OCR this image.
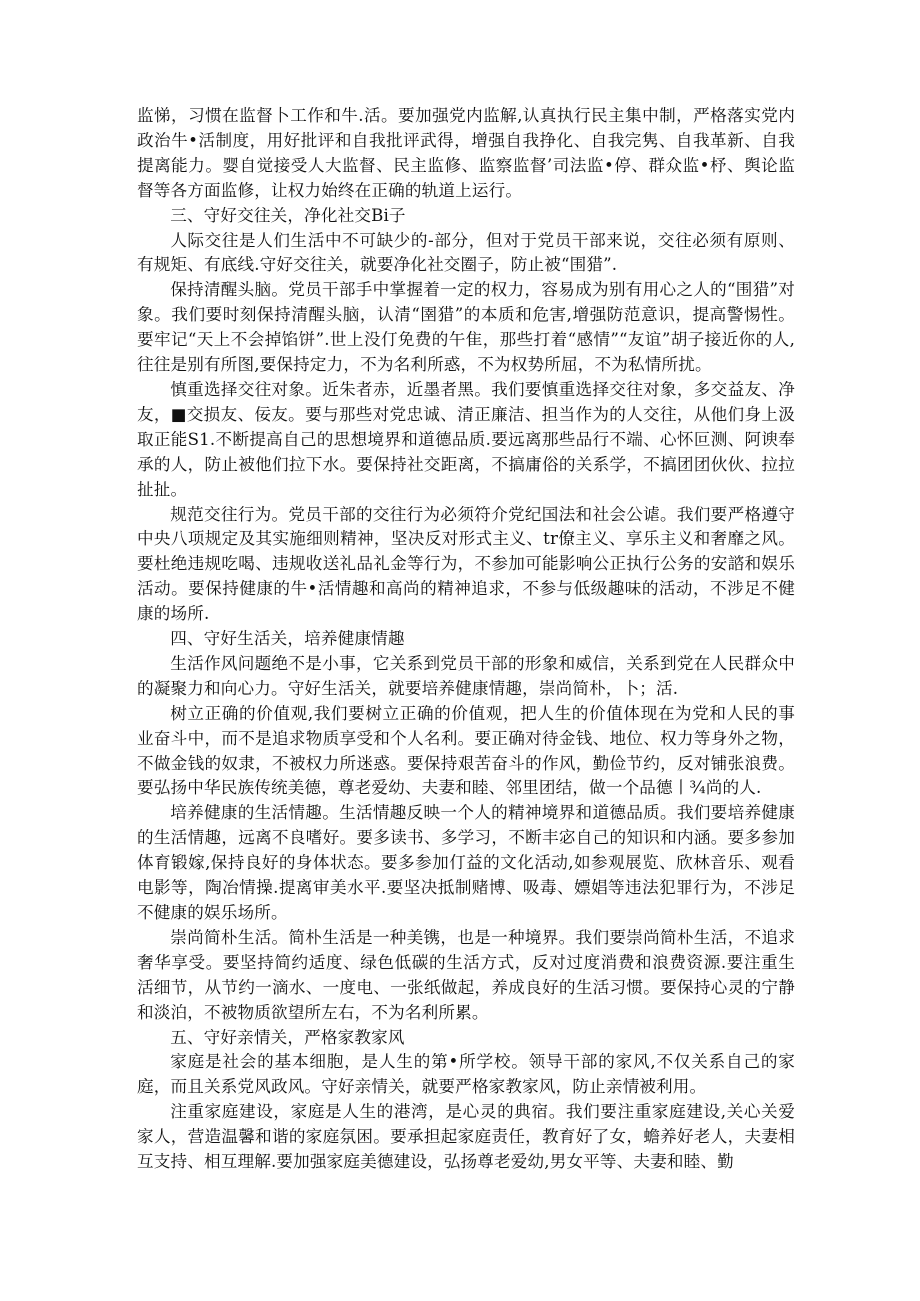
监悌，习惯在监督卜工作和牛.活。要加强党内监解,认真执行民主集中制，严格落实党内政治牛•活制度，用好批评和自我批评武得，增强自我挣化、自我完隽、自我革新、自我提离能力。婴自觉接受人大监督、民主监修、监察监督’司法监•停、群众监•杼、舆论监督等各方面监修，让权力始终在正确的轨道上运行。

三、守好交往关，净化社交Bi子

人际交往是人们生活中不可缺少的-部分，但对于党员干部来说，交往必须有原则、有规矩、有底线.守好交往关，就要净化社交圈子，防止被“围猎”.

保持清醒头脑。党员干部手中掌握着一定的权力，容易成为别有用心之人的“围猎”对象。我们要时刻保持清醒头脑，认清“圉猎”的本质和危害,增强防范意识，提高警惕性。要牢记“天上不会掉馅饼”.世上没仃免费的午隹，那些打着“感情”“友谊”胡子接近你的人,往往是别有所图,要保持定力，不为名利所惑，不为权势所屈，不为私情所扰。

慎重选择交往对象。近朱者赤，近墨者黑。我们要慎重选择交往对象，多交益友、净友，■交损友、佞友。要与那些对党忠诚、清正廉洁、担当作为的人交往，从他们身上汲取正能S1.不断提高自己的思想境界和道德品质.要远离那些品行不端、心怀叵测、阿谀奉承的人，防止被他们拉下水。要保持社交距离，不搞庸俗的关系学，不搞团团伙伙、拉拉扯扯。

规范交往行为。党员干部的交往行为必须符介党纪国法和社会公谑。我们要严格遵守中央八项规定及其实施细则精神，坚决反对形式主义、tr僚主义、享乐主义和奢靡之风。要杜绝违规吃喝、违规收送礼品礼金等行为，不参加可能影响公正执行公务的安諮和娱乐活动。要保持健康的牛•活情趣和高尚的精神追求，不参与低级趣味的活动，不涉足不健康的场所.

四、守好生活关，培养健康情趣

生活作风问题绝不是小事，它关系到党员干部的形象和威信，关系到党在人民群众中的凝聚力和向心力。守好生活关，就要培养健康情趣，崇尚简朴，卜；活.

树立正确的价值观,我们要树立正确的价值观，把人生的价值体现在为党和人民的事业奋斗中，而不是追求物质享受和个人名利。要正确对待金钱、地位、权力等身外之物，不做金钱的奴隶，不被权力所迷惑。要保持艰苦奋斗的作风，勤俭节约，反对铺张浪费。要弘扬中华民族传统美德，尊老爱幼、夫妻和睦、邻里团结，做一个品德丨¾尚的人.

培养健康的生活情趣。生活情趣反映一个人的精神境界和道德品质。我们要培养健康的生活情趣，远离不良嗜好。要多读书、多学习，不断丰宓自己的知识和内涵。要多参加体育锻嫁,保持良好的身体状态。要多参加仃益的文化活动,如参观展览、欣林音乐、观看电影等，陶冶情操.提离审美水平.要坚决抵制赌博、吸毒、嫖娼等违法犯罪行为，不涉足不健康的娱乐场所。

崇尚简朴生活。简朴生活是一种美镌，也是一种境界。我们要崇尚简朴生活，不追求奢华享受。要坚持简约适度、绿色低碳的生活方式，反对过度消费和浪费资源.要注重生活细节，从节约一滴水、一度电、一张纸做起，养成良好的生活习惯。要保持心灵的宁静和淡泊，不被物质欲望所左右，不为名利所累。

五、守好亲情关，严格家教家风

家庭是社会的基本细胞，是人生的第•所学校。领导干部的家风,不仅关系自己的家庭，而且关系党风政风。守好亲情关，就要严格家教家风，防止亲情被利用。

注重家庭建设，家庭是人生的港湾，是心灵的典宿。我们要注重家庭建设,关心关爱家人，营造温馨和谐的家庭氛困。要承担起家庭责任，教育好了女，蟾养好老人，夫妻相互支持、相互理解.要加强家庭美德建设，弘扬尊老爱幼,男女平等、夫妻和睦、勤
